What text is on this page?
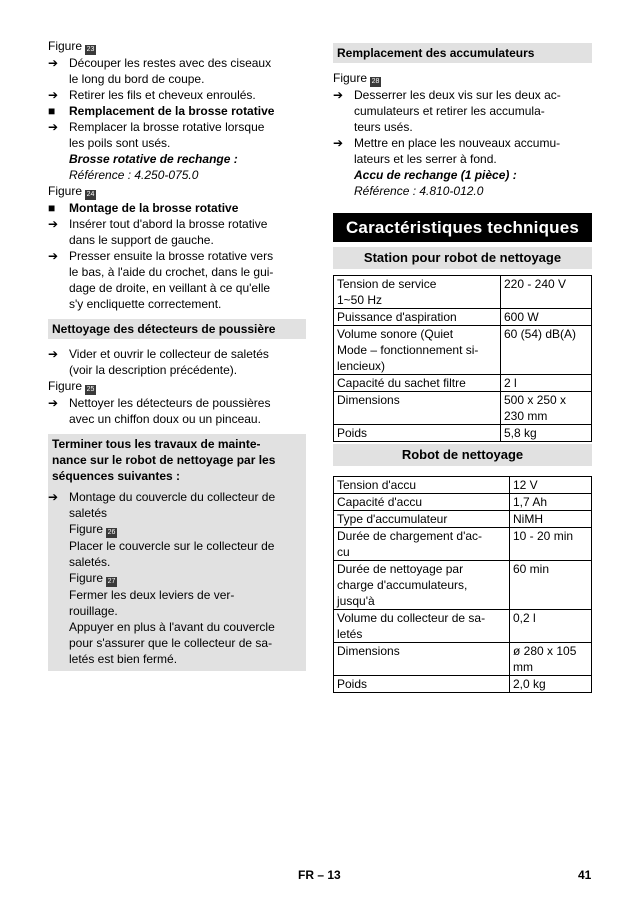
Figure 23
➔ Découper les restes avec des ciseaux
le long du bord de coupe.
➔ Retirer les fils et cheveux enroulés.
■ Remplacement de la brosse rotative
➔ Remplacer la brosse rotative lorsque
les poils sont usés.
Brosse rotative de rechange :
Référence : 4.250-075.0
Figure 24
■ Montage de la brosse rotative
➔ Insérer tout d'abord la brosse rotative
dans le support de gauche.
➔ Presser ensuite la brosse rotative vers
le bas, à l'aide du crochet, dans le gui-
dage de droite, en veillant à ce qu'elle
s'y encliquette correctement.
Nettoyage des détecteurs de poussière
➔ Vider et ouvrir le collecteur de saletés
(voir la description précédente).
Figure 25
➔ Nettoyer les détecteurs de poussières
avec un chiffon doux ou un pinceau.
Terminer tous les travaux de mainte-
nance sur le robot de nettoyage par les
séquences suivantes :
➔ Montage du couvercle du collecteur de
saletés
Figure 26
Placer le couvercle sur le collecteur de
saletés.
Figure 27
Fermer les deux leviers de ver-
rouillage.
Appuyer en plus à l'avant du couvercle
pour s'assurer que le collecteur de sa-
letés est bien fermé.
Remplacement des accumulateurs
Figure 28
➔ Desserrer les deux vis sur les deux ac-
cumulateurs et retirer les accumula-
teurs usés.
➔ Mettre en place les nouveaux accumu-
lateurs et les serrer à fond.
Accu de rechange (1 pièce) :
Référence : 4.810-012.0
Caractéristiques techniques
Station pour robot de nettoyage
Tension de service
1~50 Hz	220 - 240 V

Puissance d'aspiration	600 W

Volume sonore (Quiet
Mode – fonctionnement si-
lencieux)	60 (54) dB(A)

Capacité du sachet filtre	2 l

Dimensions	500 x 250 x
230 mm

Poids	5,8 kg
Robot de nettoyage
Tension d'accu	12 V

Capacité d'accu	1,7 Ah

Type d'accumulateur	NiMH

Durée de chargement d'ac-
cu	10 - 20 min

Durée de nettoyage par
charge d'accumulateurs,
jusqu'à	60 min

Volume du collecteur de sa-
letés	0,2 l

Dimensions	ø 280 x 105
mm

Poids	2,0 kg
FR – 13	41
